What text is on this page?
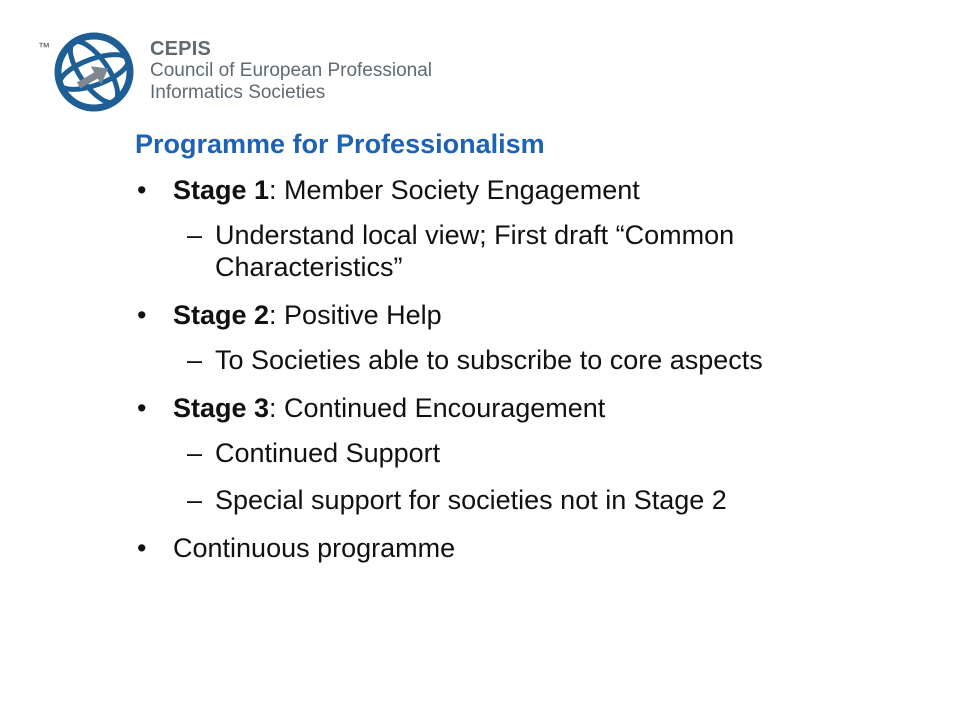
™	CEPIS
Council of European Professional
Informatics Societies
Programme for Professionalism
• Stage 1: Member Society Engagement
– Understand local view; First draft “Common Characteristics”
• Stage 2: Positive Help
– To Societies able to subscribe to core aspects
• Stage 3: Continued Encouragement
– Continued Support
– Special support for societies not in Stage 2
• Continuous programme
